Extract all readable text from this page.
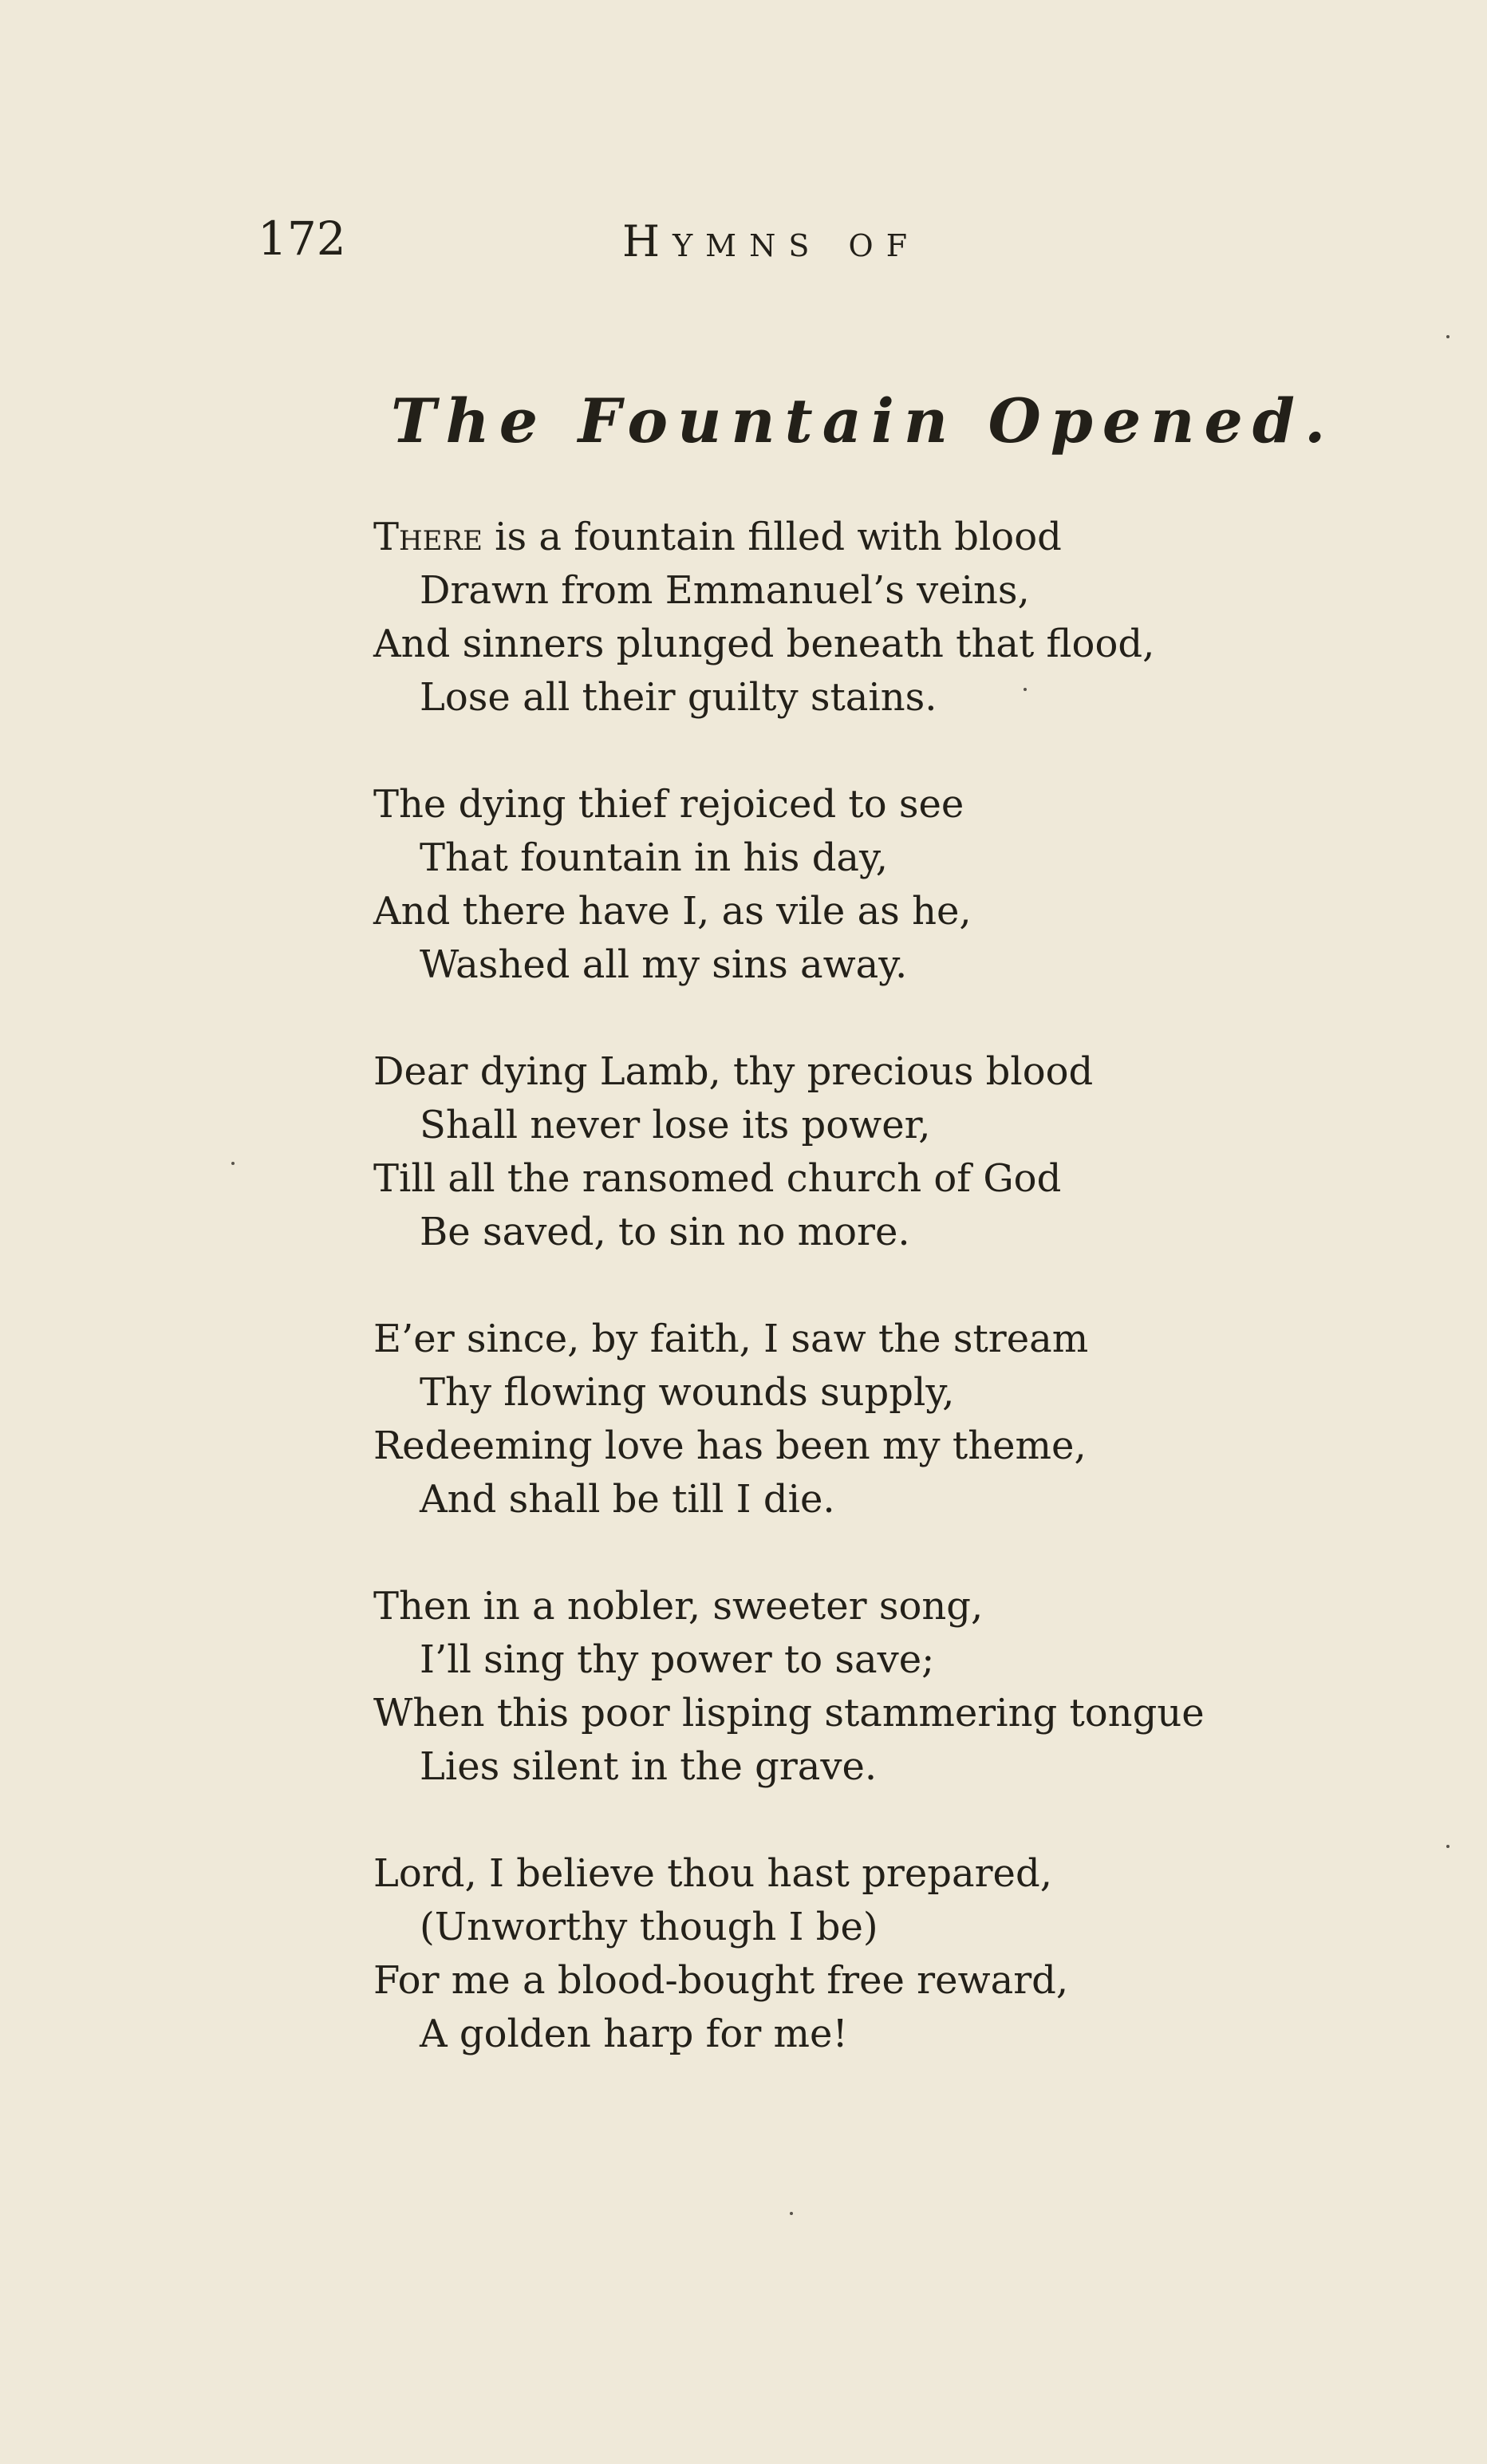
172	Hymns of
The Fountain Opened.
There is a fountain filled with blood
Drawn from Emmanuel’s veins,
And sinners plunged beneath that flood,
Lose all their guilty stains.
The dying thief rejoiced to see
That fountain in his day,
And there have I, as vile as he,
Washed all my sins away.
Dear dying Lamb, thy precious blood
Shall never lose its power,
Till all the ransomed church of God
Be saved, to sin no more.
E’er since, by faith, I saw the stream
Thy flowing wounds supply,
Redeeming love has been my theme,
And shall be till I die.
Then in a nobler, sweeter song,
I’ll sing thy power to save;
When this poor lisping stammering tongue
Lies silent in the grave.
Lord, I believe thou hast prepared,
(Unworthy though I be)
For me a blood-bought free reward,
A golden harp for me!
